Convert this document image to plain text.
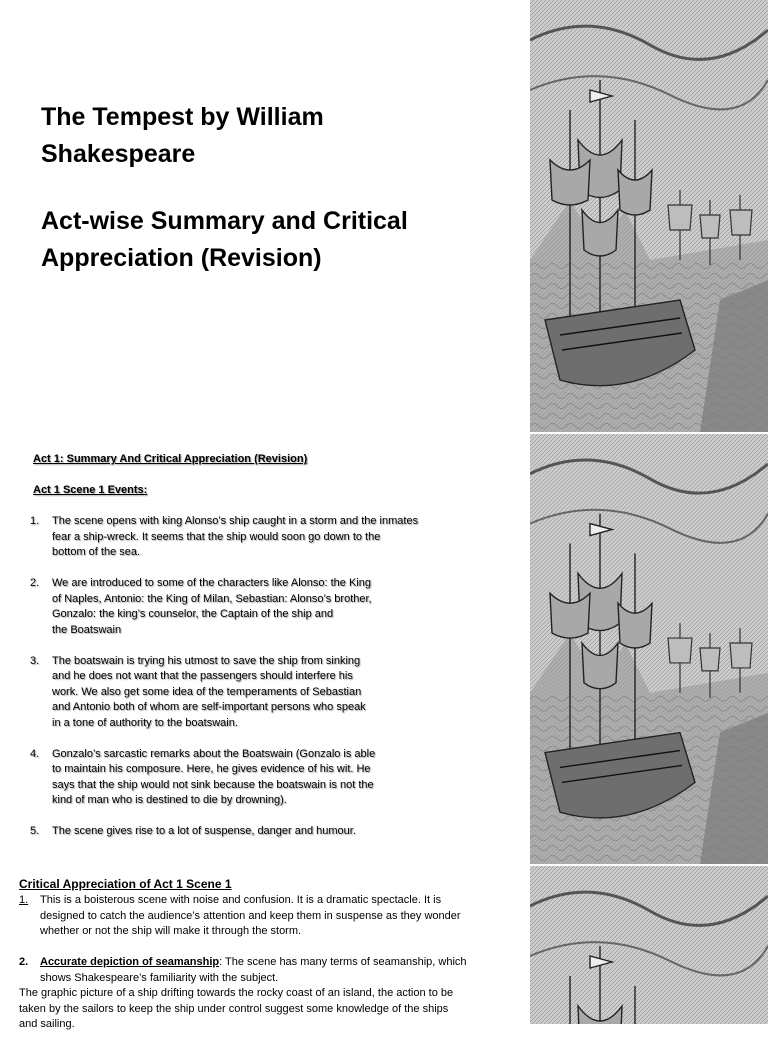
The Tempest by William
Shakespeare
Act-wise Summary and Critical
Appreciation (Revision)
Act 1: Summary And Critical Appreciation (Revision)
Act 1 Scene 1 Events:
1. The scene opens with king Alonso’s ship caught in a storm and the inmates
fear a ship-wreck. It seems that the ship would soon go down to the
bottom of the sea.
2. We are introduced to some of the characters like Alonso: the King
of Naples, Antonio: the King of Milan, Sebastian: Alonso’s brother,
Gonzalo: the king’s counselor, the Captain of the ship and
the Boatswain
3. The boatswain is trying his utmost to save the ship from sinking
and he does not want that the passengers should interfere his
work. We also get some idea of the temperaments of Sebastian
and Antonio both of whom are self-important persons who speak
in a tone of authority to the boatswain.
4. Gonzalo’s sarcastic remarks about the Boatswain (Gonzalo is able
to maintain his composure. Here, he gives evidence of his wit. He
says that the ship would not sink because the boatswain is not the
kind of man who is destined to die by drowning).
5. The scene gives rise to a lot of suspense, danger and humour.
Critical Appreciation of Act 1 Scene 1
1. This is a boisterous scene with noise and confusion. It is a dramatic spectacle. It is
designed to catch the audience’s attention and keep them in suspense as they wonder
whether or not the ship will make it through the storm.
2. Accurate depiction of seamanship: The scene has many terms of seamanship, which
shows Shakespeare’s familiarity with the subject.
The graphic picture of a ship drifting towards the rocky coast of an island, the action to be
taken by the sailors to keep the ship under control suggest some knowledge of the ships
and sailing.
